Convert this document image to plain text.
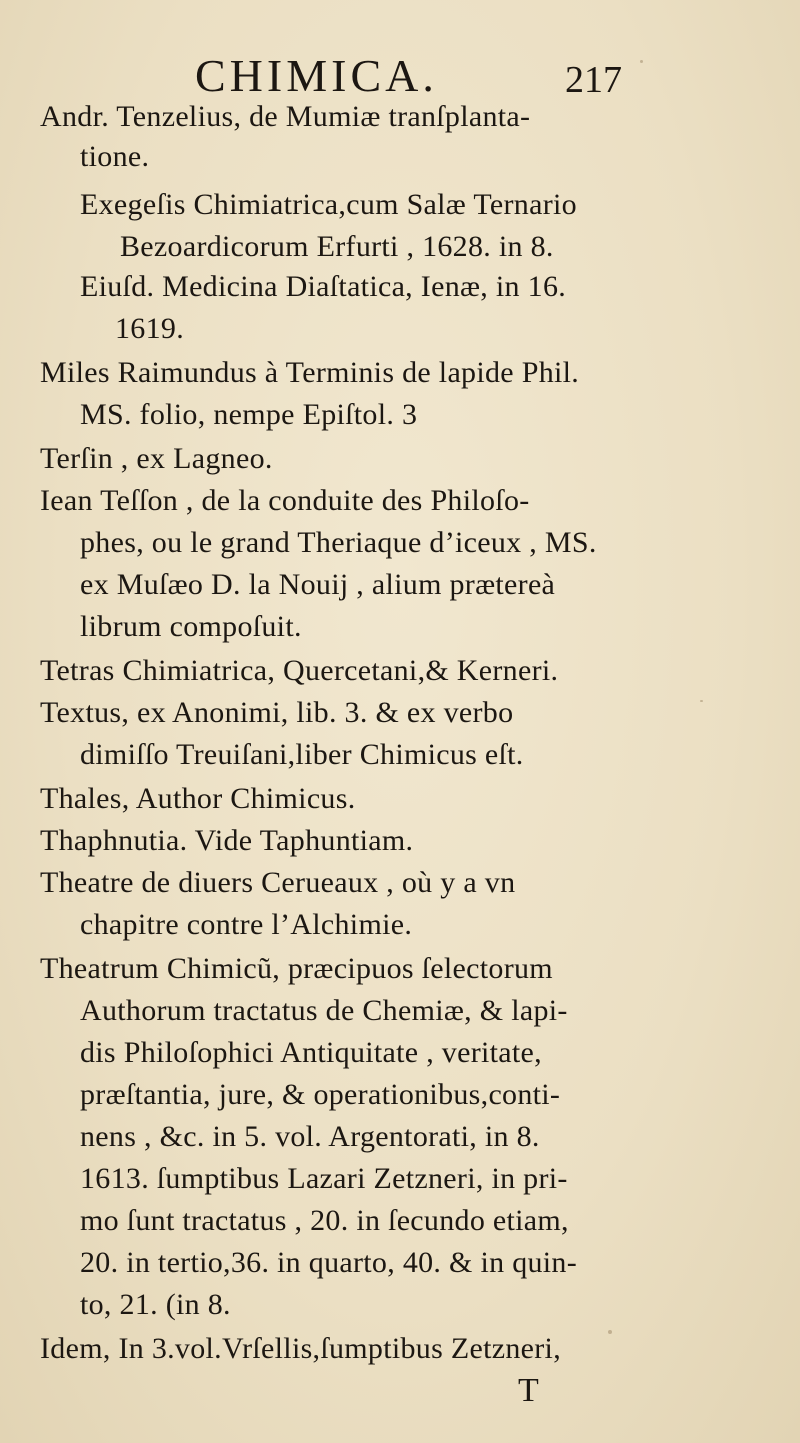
CHIMICA.	217
Andr. Tenzelius, de Mumiæ tranſplanta-
tione.
Exegeſis Chimiatrica,cum Salæ Ternario
Bezoardicorum Erfurti , 1628. in 8.
Eiuſd. Medicina Diaſtatica, Ienæ, in 16.
1619.
Miles Raimundus à Terminis de lapide Phil.
MS. folio, nempe Epiſtol. 3
Terſin , ex Lagneo.
Iean Teſſon , de la conduite des Philoſo-
phes, ou le grand Theriaque d’iceux , MS.
ex Muſæo D. la Nouij , alium prætereà
librum compoſuit.
Tetras Chimiatrica, Quercetani,& Kerneri.
Textus, ex Anonimi, lib. 3. & ex verbo
dimiſſo Treuiſani,liber Chimicus eſt.
Thales, Author Chimicus.
Thaphnutia. Vide Taphuntiam.
Theatre de diuers Cerueaux , où y a vn
chapitre contre l’Alchimie.
Theatrum Chimicũ, præcipuos ſelectorum
Authorum tractatus de Chemiæ, & lapi-
dis Philoſophici Antiquitate , veritate,
præſtantia, jure, & operationibus,conti-
nens , &c. in 5. vol. Argentorati, in 8.
1613. ſumptibus Lazari Zetzneri, in pri-
mo ſunt tractatus , 20. in ſecundo etiam,
20. in tertio,36. in quarto, 40. & in quin-
to, 21. (in 8.
Idem, In 3.vol.Vrſellis,ſumptibus Zetzneri,
T
